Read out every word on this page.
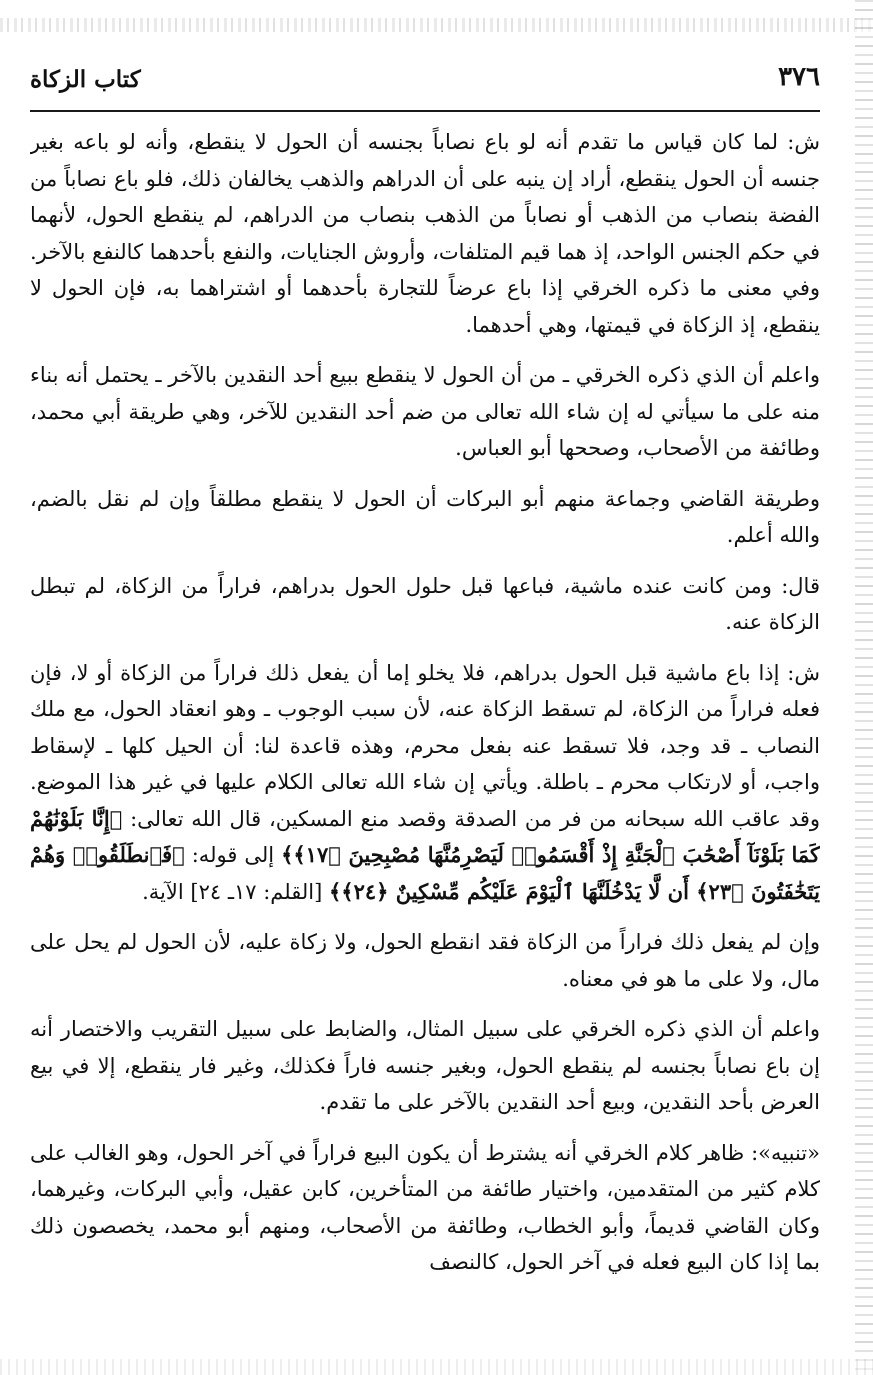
كتاب الزكاة	٣٧٦

ش: لما كان قياس ما تقدم أنه لو باع نصاباً بجنسه أن الحول لا ينقطع، وأنه لو باعه بغير جنسه أن الحول ينقطع، أراد إن ينبه على أن الدراهم والذهب يخالفان ذلك، فلو باع نصاباً من الفضة بنصاب من الذهب أو نصاباً من الذهب بنصاب من الدراهم، لم ينقطع الحول، لأنهما في حكم الجنس الواحد، إذ هما قيم المتلفات، وأروش الجنايات، والنفع بأحدهما كالنفع بالآخر. وفي معنى ما ذكره الخرقي إذا باع عرضاً للتجارة بأحدهما أو اشتراهما به، فإن الحول لا ينقطع، إذ الزكاة في قيمتها، وهي أحدهما.

واعلم أن الذي ذكره الخرقي ـ من أن الحول لا ينقطع ببيع أحد النقدين بالآخر ـ يحتمل أنه بناء منه على ما سيأتي له إن شاء الله تعالى من ضم أحد النقدين للآخر، وهي طريقة أبي محمد، وطائفة من الأصحاب، وصححها أبو العباس.

وطريقة القاضي وجماعة منهم أبو البركات أن الحول لا ينقطع مطلقاً وإن لم نقل بالضم، والله أعلم.

قال: ومن كانت عنده ماشية، فباعها قبل حلول الحول بدراهم، فراراً من الزكاة، لم تبطل الزكاة عنه.

ش: إذا باع ماشية قبل الحول بدراهم، فلا يخلو إما أن يفعل ذلك فراراً من الزكاة أو لا، فإن فعله فراراً من الزكاة، لم تسقط الزكاة عنه، لأن سبب الوجوب ـ وهو انعقاد الحول، مع ملك النصاب ـ قد وجد، فلا تسقط عنه بفعل محرم، وهذه قاعدة لنا: أن الحيل كلها ـ لإسقاط واجب، أو لارتكاب محرم ـ باطلة. ويأتي إن شاء الله تعالى الكلام عليها في غير هذا الموضع. وقد عاقب الله سبحانه من فر من الصدقة وقصد منع المسكين، قال الله تعالى: ﴿إِنَّا بَلَوْنَٰهُمْ كَمَا بَلَوْنَآ أَصْحَٰبَ ٱلْجَنَّةِ إِذْ أَقْسَمُوا۟ لَيَصْرِمُنَّهَا مُصْبِحِينَ ﴿١٧﴾﴾ إلى قوله: ﴿فَٱنطَلَقُوا۟ وَهُمْ يَتَخَٰفَتُونَ ﴿٢٣﴾ أَن لَّا يَدْخُلَنَّهَا ٱلْيَوْمَ عَلَيْكُم مِّسْكِينٌ ﴿٢٤﴾﴾ [القلم: ١٧ـ ٢٤] الآية.

وإن لم يفعل ذلك فراراً من الزكاة فقد انقطع الحول، ولا زكاة عليه، لأن الحول لم يحل على مال، ولا على ما هو في معناه.

واعلم أن الذي ذكره الخرقي على سبيل المثال، والضابط على سبيل التقريب والاختصار أنه إن باع نصاباً بجنسه لم ينقطع الحول، وبغير جنسه فاراً فكذلك، وغير فار ينقطع، إلا في بيع العرض بأحد النقدين، وبيع أحد النقدين بالآخر على ما تقدم.

«تنبيه»: ظاهر كلام الخرقي أنه يشترط أن يكون البيع فراراً في آخر الحول، وهو الغالب على كلام كثير من المتقدمين، واختيار طائفة من المتأخرين، كابن عقيل، وأبي البركات، وغيرهما، وكان القاضي قديماً، وأبو الخطاب، وطائفة من الأصحاب، ومنهم أبو محمد، يخصصون ذلك بما إذا كان البيع فعله في آخر الحول، كالنصف
